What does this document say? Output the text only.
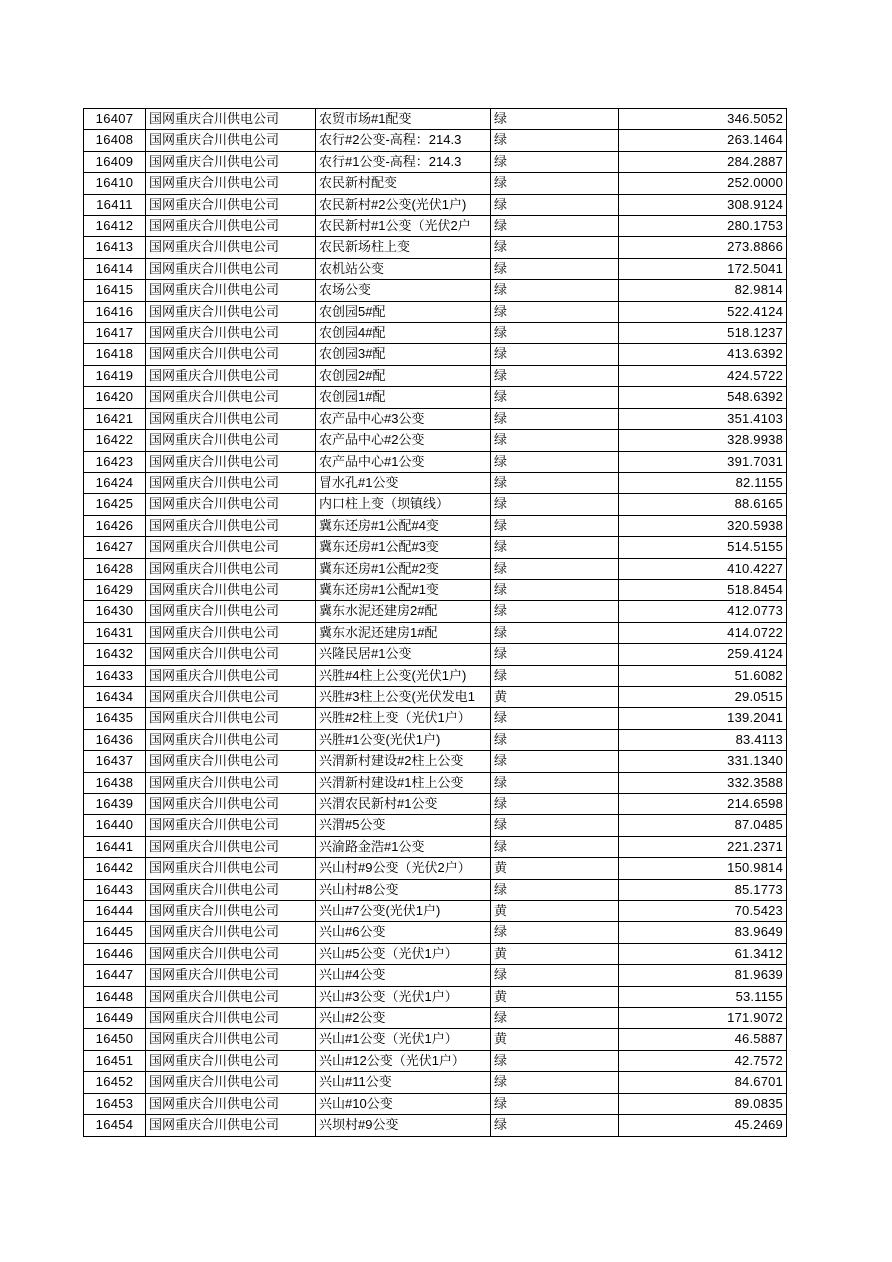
16407	国网重庆合川供电公司	农贸市场#1配变	绿	346.5052
16408	国网重庆合川供电公司	农行#2公变-高程：214.3	绿	263.1464
16409	国网重庆合川供电公司	农行#1公变-高程：214.3	绿	284.2887
16410	国网重庆合川供电公司	农民新村配变	绿	252.0000
16411	国网重庆合川供电公司	农民新村#2公变(光伏1户)	绿	308.9124
16412	国网重庆合川供电公司	农民新村#1公变（光伏2户	绿	280.1753
16413	国网重庆合川供电公司	农民新场柱上变	绿	273.8866
16414	国网重庆合川供电公司	农机站公变	绿	172.5041
16415	国网重庆合川供电公司	农场公变	绿	82.9814
16416	国网重庆合川供电公司	农创园5#配	绿	522.4124
16417	国网重庆合川供电公司	农创园4#配	绿	518.1237
16418	国网重庆合川供电公司	农创园3#配	绿	413.6392
16419	国网重庆合川供电公司	农创园2#配	绿	424.5722
16420	国网重庆合川供电公司	农创园1#配	绿	548.6392
16421	国网重庆合川供电公司	农产品中心#3公变	绿	351.4103
16422	国网重庆合川供电公司	农产品中心#2公变	绿	328.9938
16423	国网重庆合川供电公司	农产品中心#1公变	绿	391.7031
16424	国网重庆合川供电公司	冒水孔#1公变	绿	82.1155
16425	国网重庆合川供电公司	内口柱上变（坝镇线）	绿	88.6165
16426	国网重庆合川供电公司	冀东还房#1公配#4变	绿	320.5938
16427	国网重庆合川供电公司	冀东还房#1公配#3变	绿	514.5155
16428	国网重庆合川供电公司	冀东还房#1公配#2变	绿	410.4227
16429	国网重庆合川供电公司	冀东还房#1公配#1变	绿	518.8454
16430	国网重庆合川供电公司	冀东水泥还建房2#配	绿	412.0773
16431	国网重庆合川供电公司	冀东水泥还建房1#配	绿	414.0722
16432	国网重庆合川供电公司	兴隆民居#1公变	绿	259.4124
16433	国网重庆合川供电公司	兴胜#4柱上公变(光伏1户)	绿	51.6082
16434	国网重庆合川供电公司	兴胜#3柱上公变(光伏发电1	黄	29.0515
16435	国网重庆合川供电公司	兴胜#2柱上变（光伏1户）	绿	139.2041
16436	国网重庆合川供电公司	兴胜#1公变(光伏1户)	绿	83.4113
16437	国网重庆合川供电公司	兴渭新村建设#2柱上公变	绿	331.1340
16438	国网重庆合川供电公司	兴渭新村建设#1柱上公变	绿	332.3588
16439	国网重庆合川供电公司	兴渭农民新村#1公变	绿	214.6598
16440	国网重庆合川供电公司	兴渭#5公变	绿	87.0485
16441	国网重庆合川供电公司	兴渝路金浩#1公变	绿	221.2371
16442	国网重庆合川供电公司	兴山村#9公变（光伏2户）	黄	150.9814
16443	国网重庆合川供电公司	兴山村#8公变	绿	85.1773
16444	国网重庆合川供电公司	兴山#7公变(光伏1户)	黄	70.5423
16445	国网重庆合川供电公司	兴山#6公变	绿	83.9649
16446	国网重庆合川供电公司	兴山#5公变（光伏1户）	黄	61.3412
16447	国网重庆合川供电公司	兴山#4公变	绿	81.9639
16448	国网重庆合川供电公司	兴山#3公变（光伏1户）	黄	53.1155
16449	国网重庆合川供电公司	兴山#2公变	绿	171.9072
16450	国网重庆合川供电公司	兴山#1公变（光伏1户）	黄	46.5887
16451	国网重庆合川供电公司	兴山#12公变（光伏1户）	绿	42.7572
16452	国网重庆合川供电公司	兴山#11公变	绿	84.6701
16453	国网重庆合川供电公司	兴山#10公变	绿	89.0835
16454	国网重庆合川供电公司	兴坝村#9公变	绿	45.2469
